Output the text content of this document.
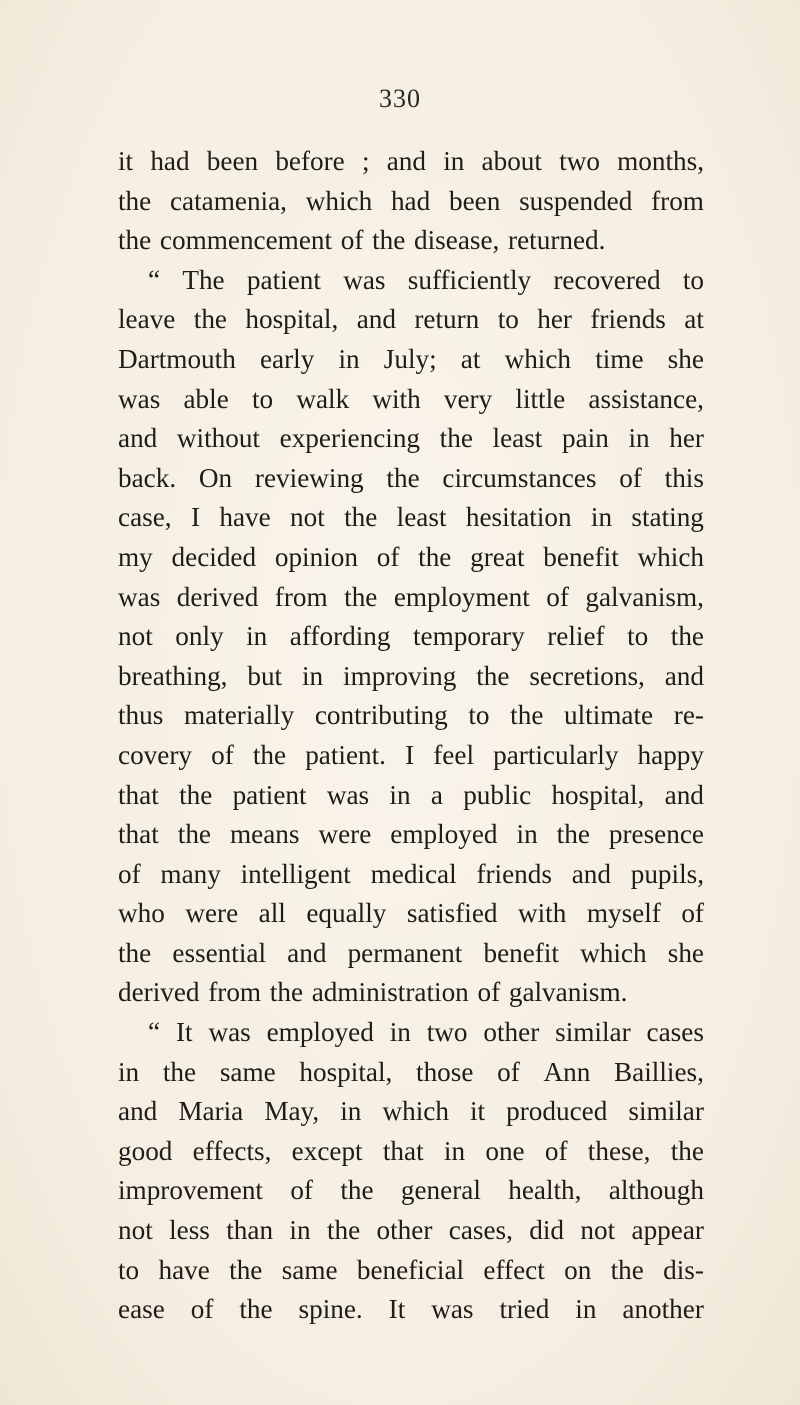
330
it had been before ; and in about two months,
the catamenia, which had been suspended from
the commencement of the disease, returned.
“ The patient was sufficiently recovered to
leave the hospital, and return to her friends at
Dartmouth early in July; at which time she
was able to walk with very little assistance,
and without experiencing the least pain in her
back. On reviewing the circumstances of this
case, I have not the least hesitation in stating
my decided opinion of the great benefit which
was derived from the employment of galvanism,
not only in affording temporary relief to the
breathing, but in improving the secretions, and
thus materially contributing to the ultimate re-
covery of the patient. I feel particularly happy
that the patient was in a public hospital, and
that the means were employed in the presence
of many intelligent medical friends and pupils,
who were all equally satisfied with myself of
the essential and permanent benefit which she
derived from the administration of galvanism.
“ It was employed in two other similar cases
in the same hospital, those of Ann Baillies,
and Maria May, in which it produced similar
good effects, except that in one of these, the
improvement of the general health, although
not less than in the other cases, did not appear
to have the same beneficial effect on the dis-
ease of the spine. It was tried in another
